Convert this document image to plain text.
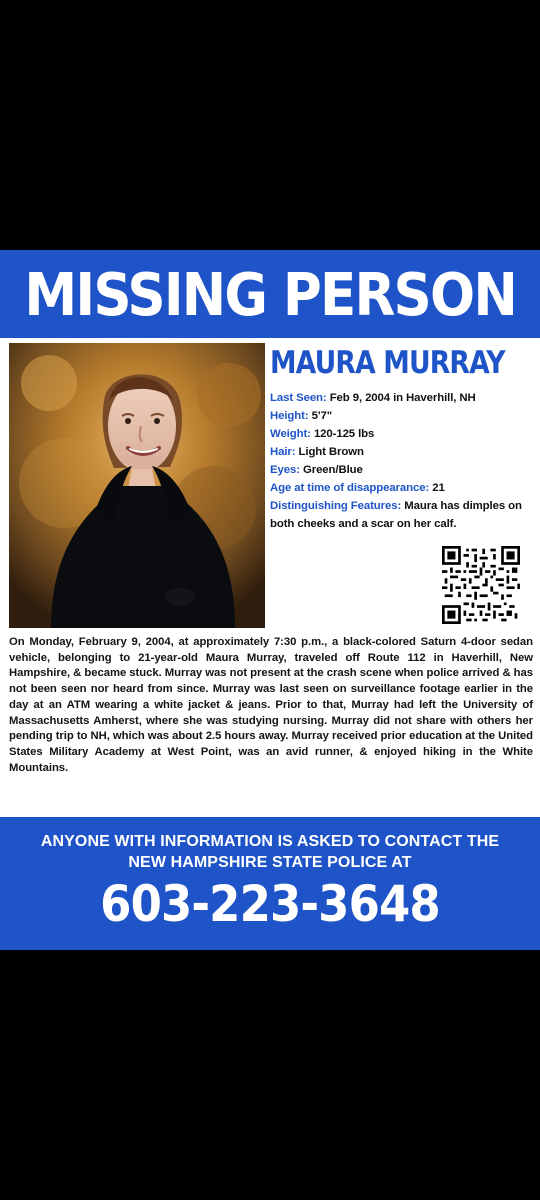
MISSING PERSON
MAURA MURRAY
Last Seen: Feb 9, 2004 in Haverhill, NH
Height: 5'7"
Weight: 120-125 lbs
Hair: Light Brown
Eyes: Green/Blue
Age at time of disappearance: 21
Distinguishing Features: Maura has dimples on both cheeks and a scar on her calf.
On Monday, February 9, 2004, at approximately 7:30 p.m., a black-colored Saturn 4-door sedan vehicle, belonging to 21-year-old Maura Murray, traveled off Route 112 in Haverhill, New Hampshire, & became stuck. Murray was not present at the crash scene when police arrived & has not been seen nor heard from since. Murray was last seen on surveillance footage earlier in the day at an ATM wearing a white jacket & jeans. Prior to that, Murray had left the University of Massachusetts Amherst, where she was studying nursing. Murray did not share with others her pending trip to NH, which was about 2.5 hours away. Murray received prior education at the United States Military Academy at West Point, was an avid runner, & enjoyed hiking in the White Mountains.
ANYONE WITH INFORMATION IS ASKED TO CONTACT THE
NEW HAMPSHIRE STATE POLICE AT
603-223-3648
